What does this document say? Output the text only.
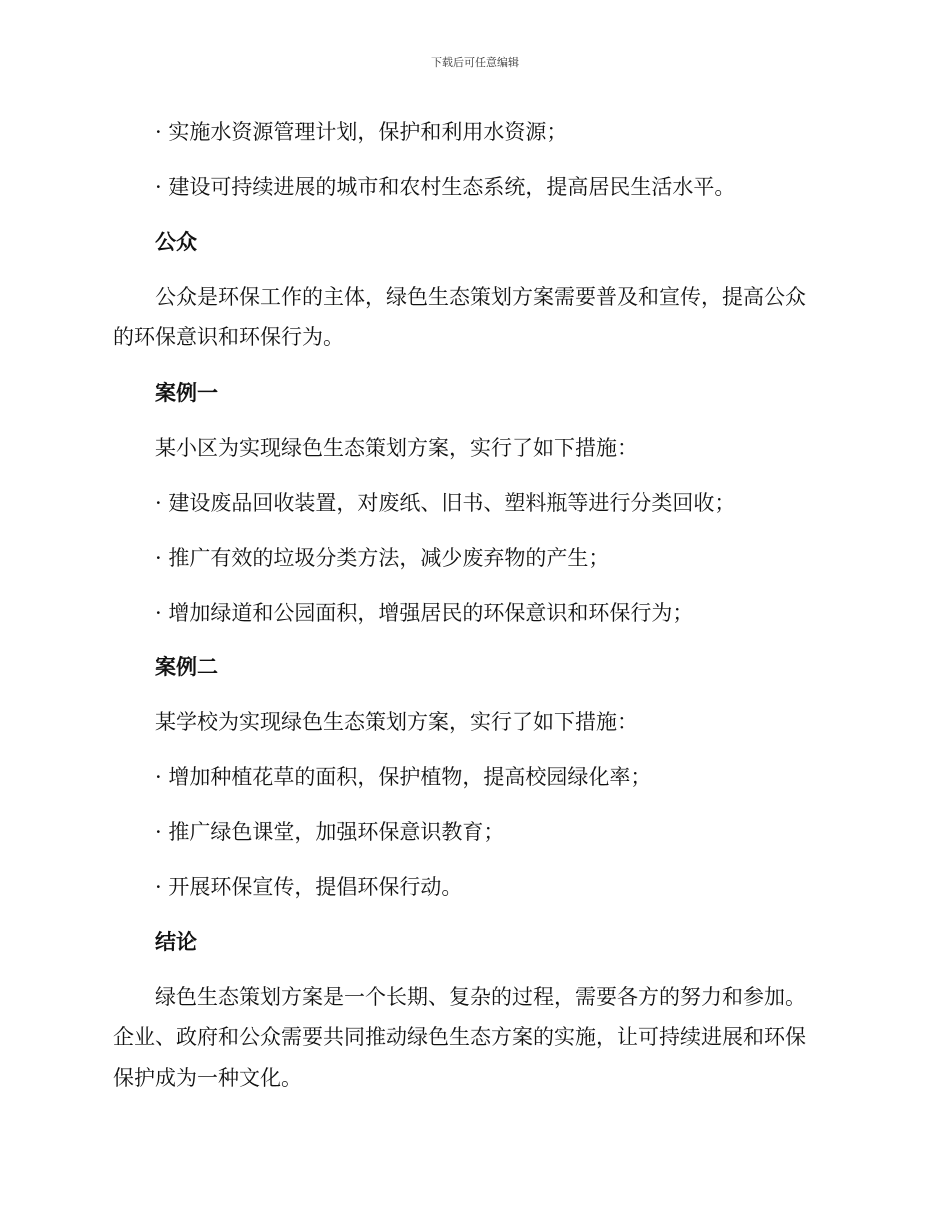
下载后可任意编辑
· 实施水资源管理计划，保护和利用水资源；
· 建设可持续进展的城市和农村生态系统，提高居民生活水平。
公众
公众是环保工作的主体，绿色生态策划方案需要普及和宣传，提高公众
的环保意识和环保行为。
案例一
某小区为实现绿色生态策划方案，实行了如下措施：
· 建设废品回收装置，对废纸、旧书、塑料瓶等进行分类回收；
· 推广有效的垃圾分类方法，减少废弃物的产生；
· 增加绿道和公园面积，增强居民的环保意识和环保行为；
案例二
某学校为实现绿色生态策划方案，实行了如下措施：
· 增加种植花草的面积，保护植物，提高校园绿化率；
· 推广绿色课堂，加强环保意识教育；
· 开展环保宣传，提倡环保行动。
结论
绿色生态策划方案是一个长期、复杂的过程，需要各方的努力和参加。
企业、政府和公众需要共同推动绿色生态方案的实施，让可持续进展和环保
保护成为一种文化。
